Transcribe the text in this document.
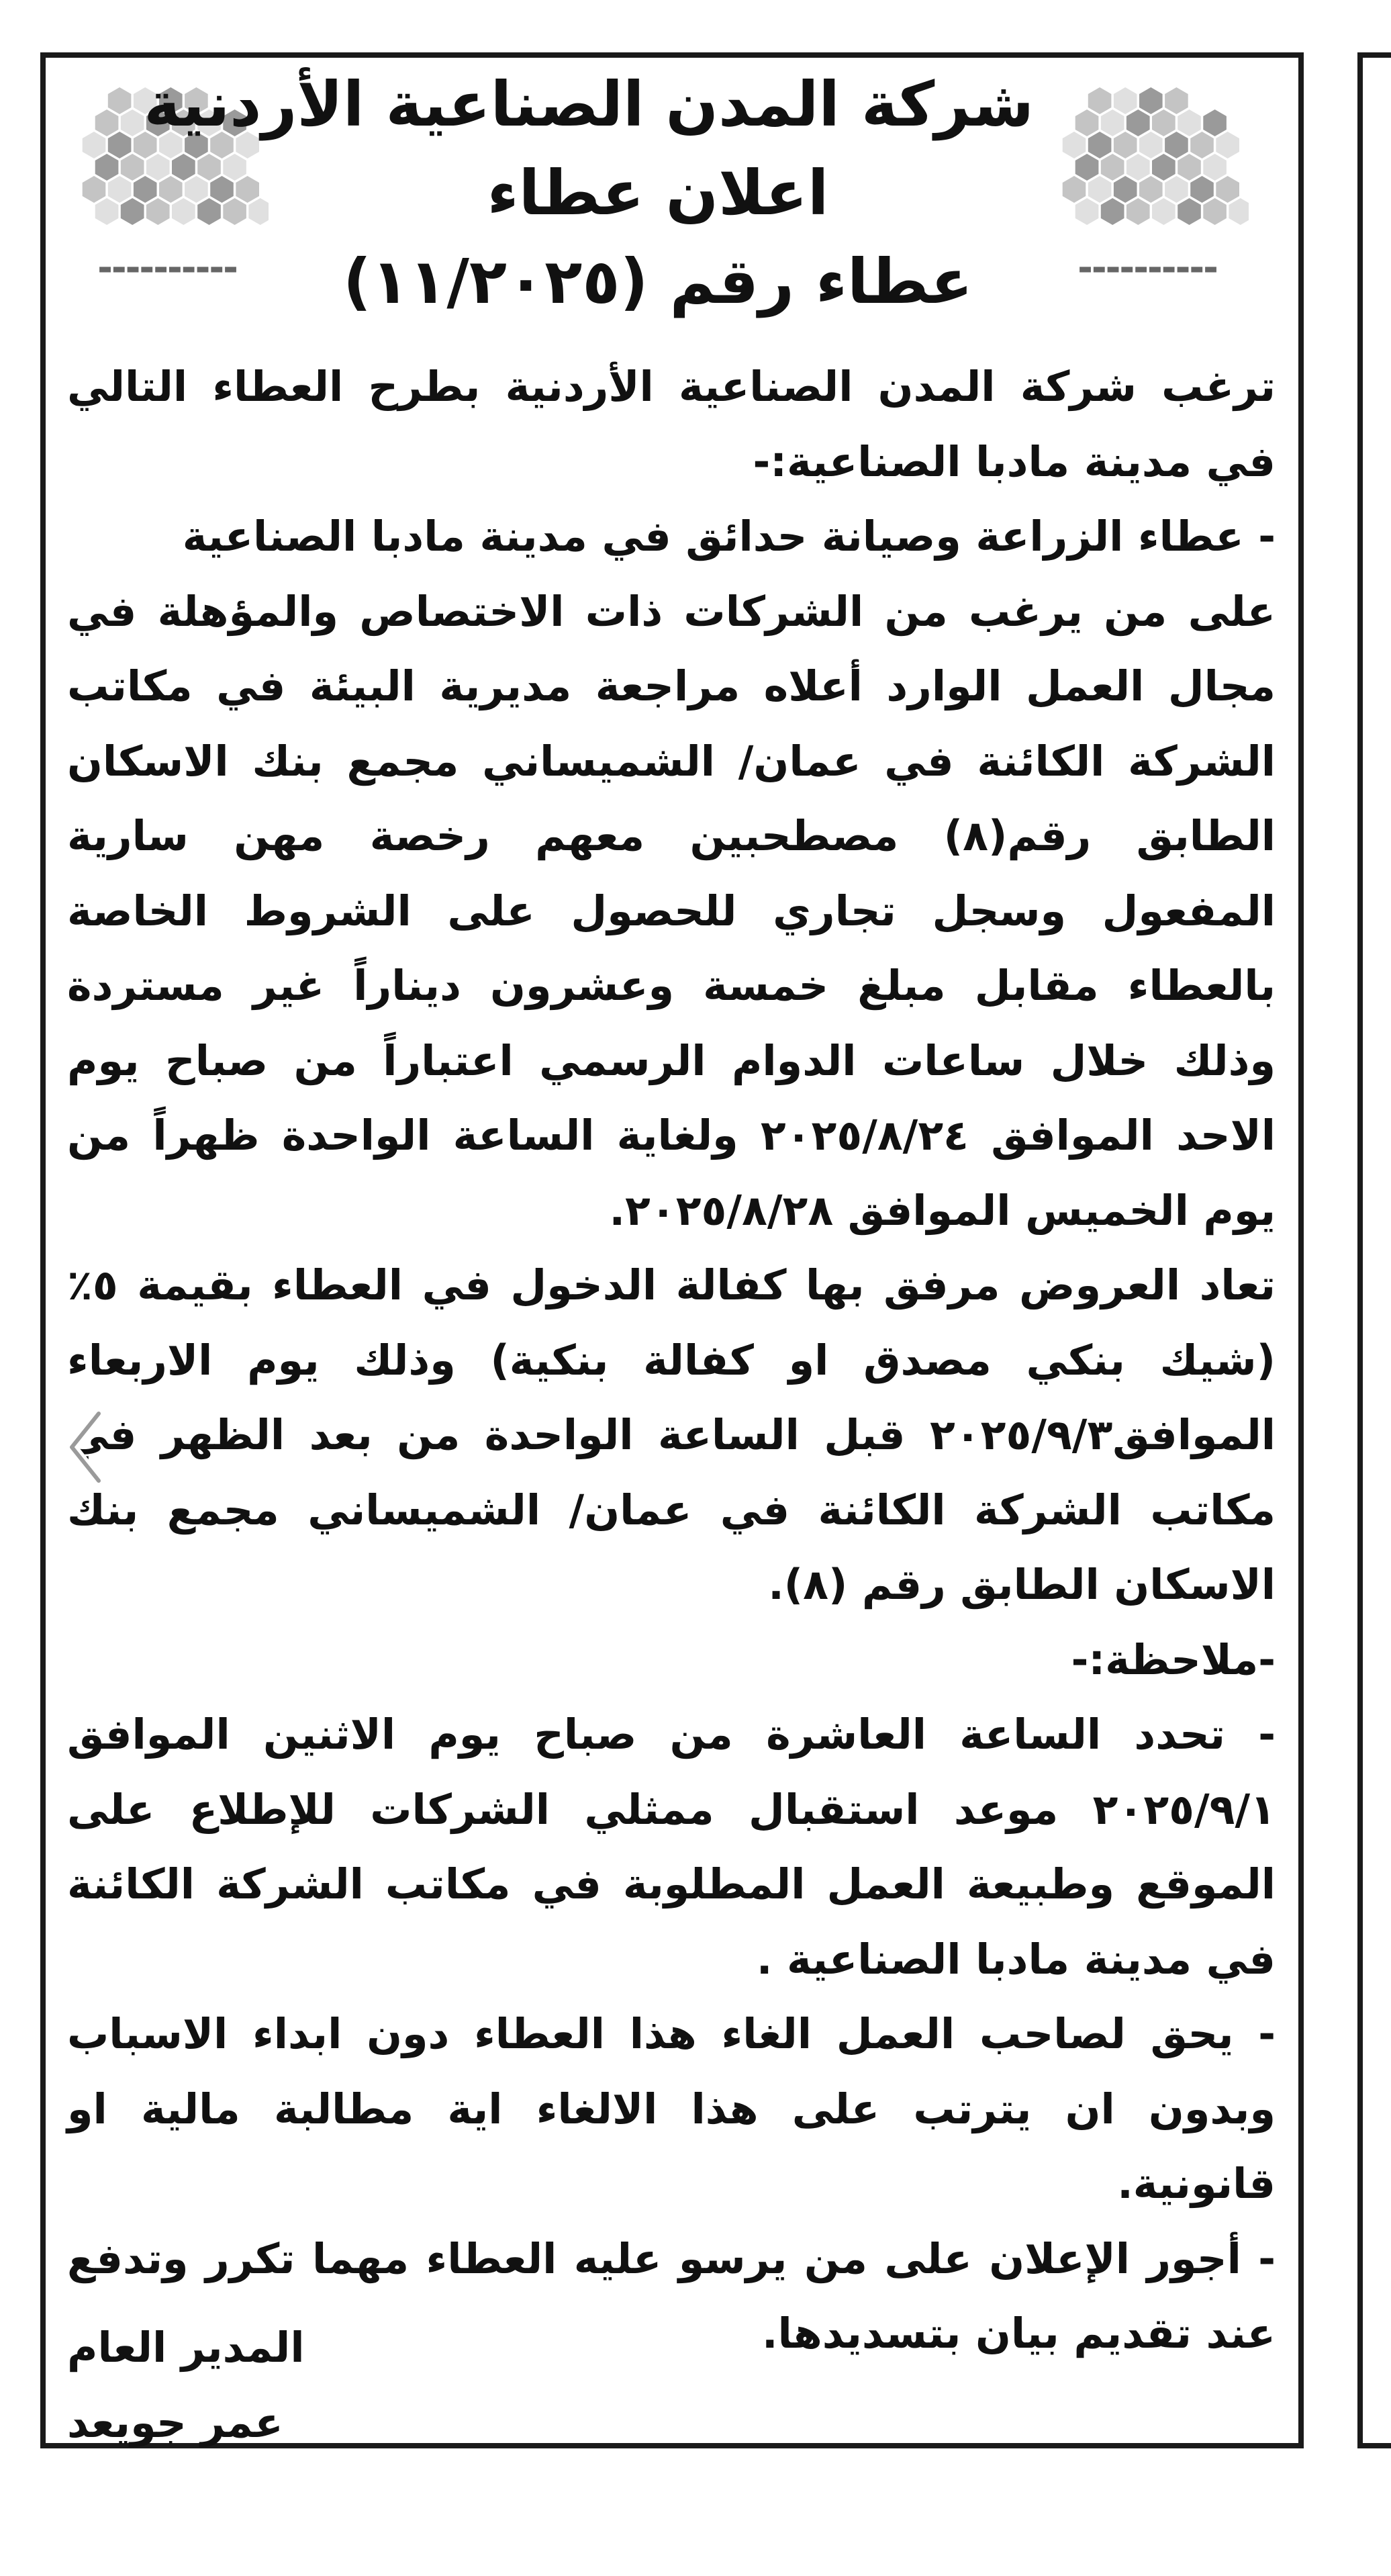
▬▬▬▬▬▬▬▬▬▬	▬▬▬▬▬▬▬▬▬▬
شركة المدن الصناعية الأردنية
اعلان عطاء
عطاء رقم (١١/٢٠٢٥)

ترغب شركة المدن الصناعية الأردنية بطرح العطاء التالي في مدينة مادبا الصناعية:-

- عطاء الزراعة وصيانة حدائق في مدينة مادبا الصناعية

على من يرغب من الشركات ذات الاختصاص والمؤهلة في مجال العمل الوارد أعلاه مراجعة مديرية البيئة في مكاتب الشركة الكائنة في عمان/ الشميساني مجمع بنك الاسكان الطابق رقم(٨) مصطحبين معهم رخصة مهن سارية المفعول وسجل تجاري للحصول على الشروط الخاصة بالعطاء مقابل مبلغ خمسة وعشرون ديناراً غير مستردة وذلك خلال ساعات الدوام الرسمي اعتباراً من صباح يوم الاحد الموافق ٢٠٢٥/٨/٢٤ ولغاية الساعة الواحدة ظهراً من يوم الخميس الموافق ٢٠٢٥/٨/٢٨.

تعاد العروض مرفق بها كفالة الدخول في العطاء بقيمة ٥٪ (شيك بنكي مصدق او كفالة بنكية) وذلك يوم الاربعاء الموافق٢٠٢٥/٩/٣ قبل الساعة الواحدة من بعد الظهر في مكاتب الشركة الكائنة في عمان/ الشميساني مجمع بنك الاسكان الطابق رقم (٨).

-ملاحظة:-

- تحدد الساعة العاشرة من صباح يوم الاثنين الموافق ٢٠٢٥/٩/١ موعد استقبال ممثلي الشركات للإطلاع على الموقع وطبيعة العمل المطلوبة في مكاتب الشركة الكائنة في مدينة مادبا الصناعية .

- يحق لصاحب العمل الغاء هذا العطاء دون ابداء الاسباب وبدون ان يترتب على هذا الالغاء اية مطالبة مالية او قانونية.

- أجور الإعلان على من يرسو عليه العطاء مهما تكرر وتدفع عند تقديم بيان بتسديدها.

المدير العام
عمر جويعد
